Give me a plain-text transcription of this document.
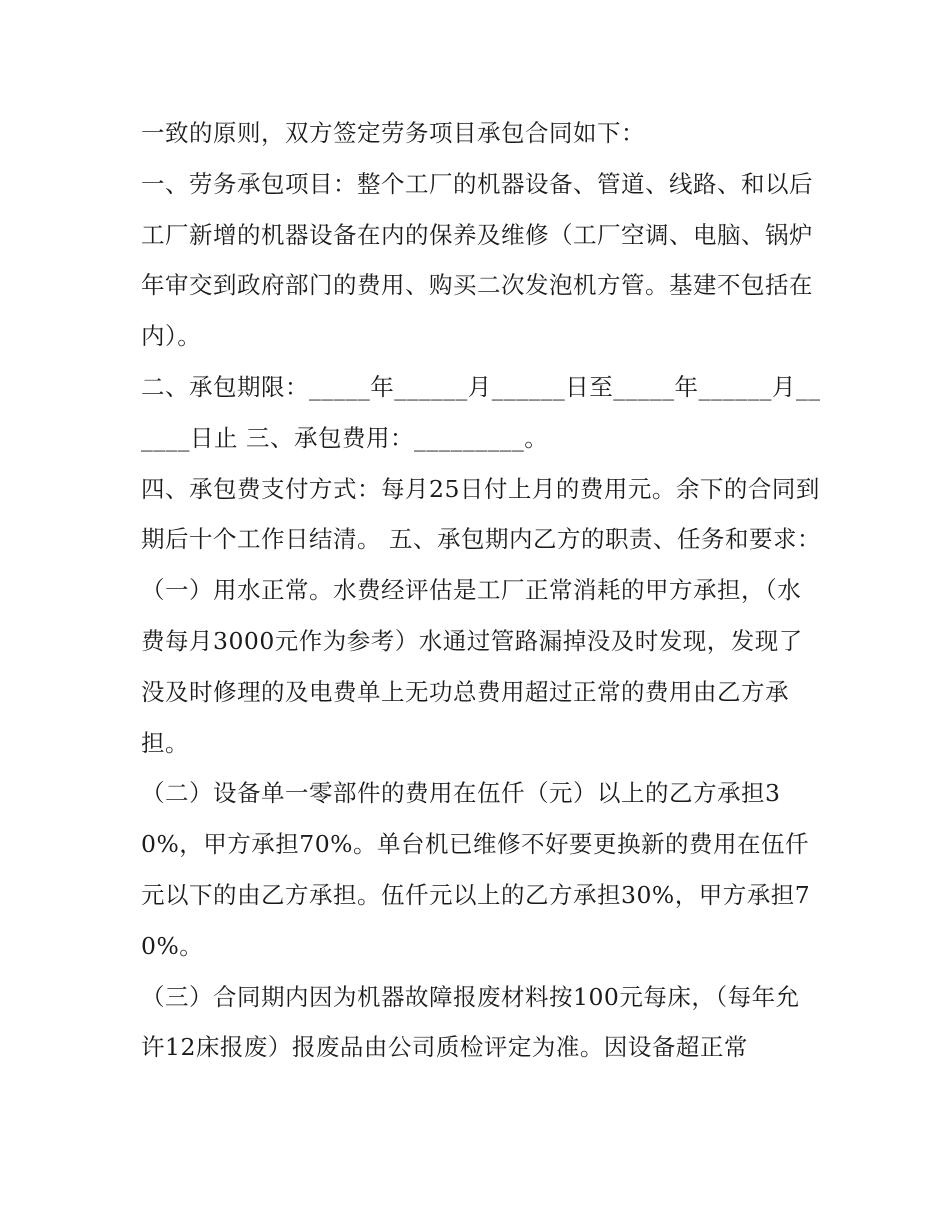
一致的原则，双方签定劳务项目承包合同如下：

一、劳务承包项目：整个工厂的机器设备、管道、线路、和以后工厂新增的机器设备在内的保养及维修（工厂空调、电脑、锅炉年审交到政府部门的费用、购买二次发泡机方管。基建不包括在内）。

二、承包期限：_____年______月______日至_____年______月______日止 三、承包费用：_________。

四、承包费支付方式：每月25日付上月的费用元。余下的合同到期后十个工作日结清。 五、承包期内乙方的职责、任务和要求：

（一）用水正常。水费经评估是工厂正常消耗的甲方承担，（水费每月3000元作为参考）水通过管路漏掉没及时发现，发现了没及时修理的及电费单上无功总费用超过正常的费用由乙方承担。

（二）设备单一零部件的费用在伍仟（元）以上的乙方承担30%，甲方承担70%。单台机已维修不好要更换新的费用在伍仟元以下的由乙方承担。伍仟元以上的乙方承担30%，甲方承担70%。

（三）合同期内因为机器故障报废材料按100元每床，（每年允许12床报废）报废品由公司质检评定为准。因设备超正常
